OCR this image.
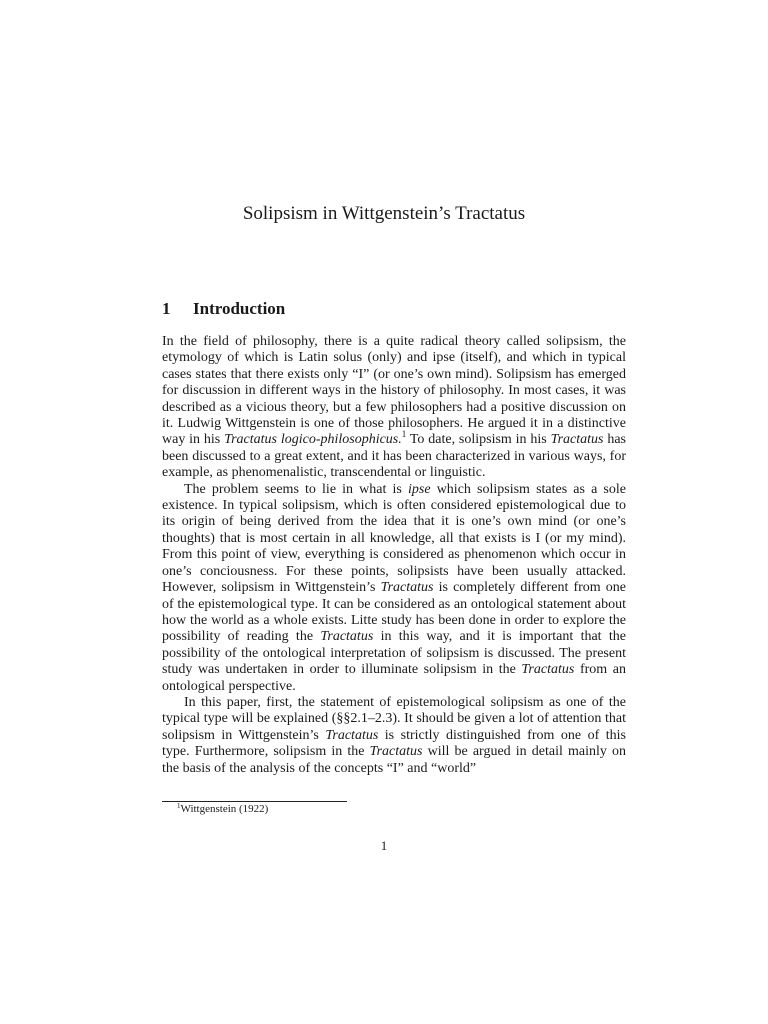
Solipsism in Wittgenstein’s Tractatus
1 Introduction

In the field of philosophy, there is a quite radical theory called solipsism, the etymology of which is Latin solus (only) and ipse (itself), and which in typical cases states that there exists only “I” (or one’s own mind). Solipsism has emerged for discussion in different ways in the history of philosophy. In most cases, it was described as a vicious theory, but a few philosophers had a positive discussion on it. Ludwig Wittgenstein is one of those philosophers. He argued it in a distinctive way in his Tractatus logico-philosophicus.$^1$ To date, solipsism in his Tractatus has been discussed to a great extent, and it has been characterized in various ways, for example, as phenomenalistic, transcendental or linguistic.

The problem seems to lie in what is ipse which solipsism states as a sole existence. In typical solipsism, which is often considered epistemological due to its origin of being derived from the idea that it is one’s own mind (or one’s thoughts) that is most certain in all knowledge, all that exists is I (or my mind). From this point of view, everything is considered as phenomenon which occur in one’s conciousness. For these points, solipsists have been usually attacked. However, solipsism in Wittgenstein’s Tractatus is completely different from one of the epistemological type. It can be considered as an ontological statement about how the world as a whole exists. Litte study has been done in order to explore the possibility of reading the Tractatus in this way, and it is important that the possibility of the ontological interpretation of solipsism is discussed. The present study was undertaken in order to illuminate solipsism in the Tractatus from an ontological perspective.

In this paper, first, the statement of epistemological solipsism as one of the typical type will be explained (§§2.1–2.3). It should be given a lot of attention that solipsism in Wittgenstein’s Tractatus is strictly distinguished from one of this type. Furthermore, solipsism in the Tractatus will be argued in detail mainly on the basis of the analysis of the concepts “I” and “world”

$^1$Wittgenstein (1922)
1
